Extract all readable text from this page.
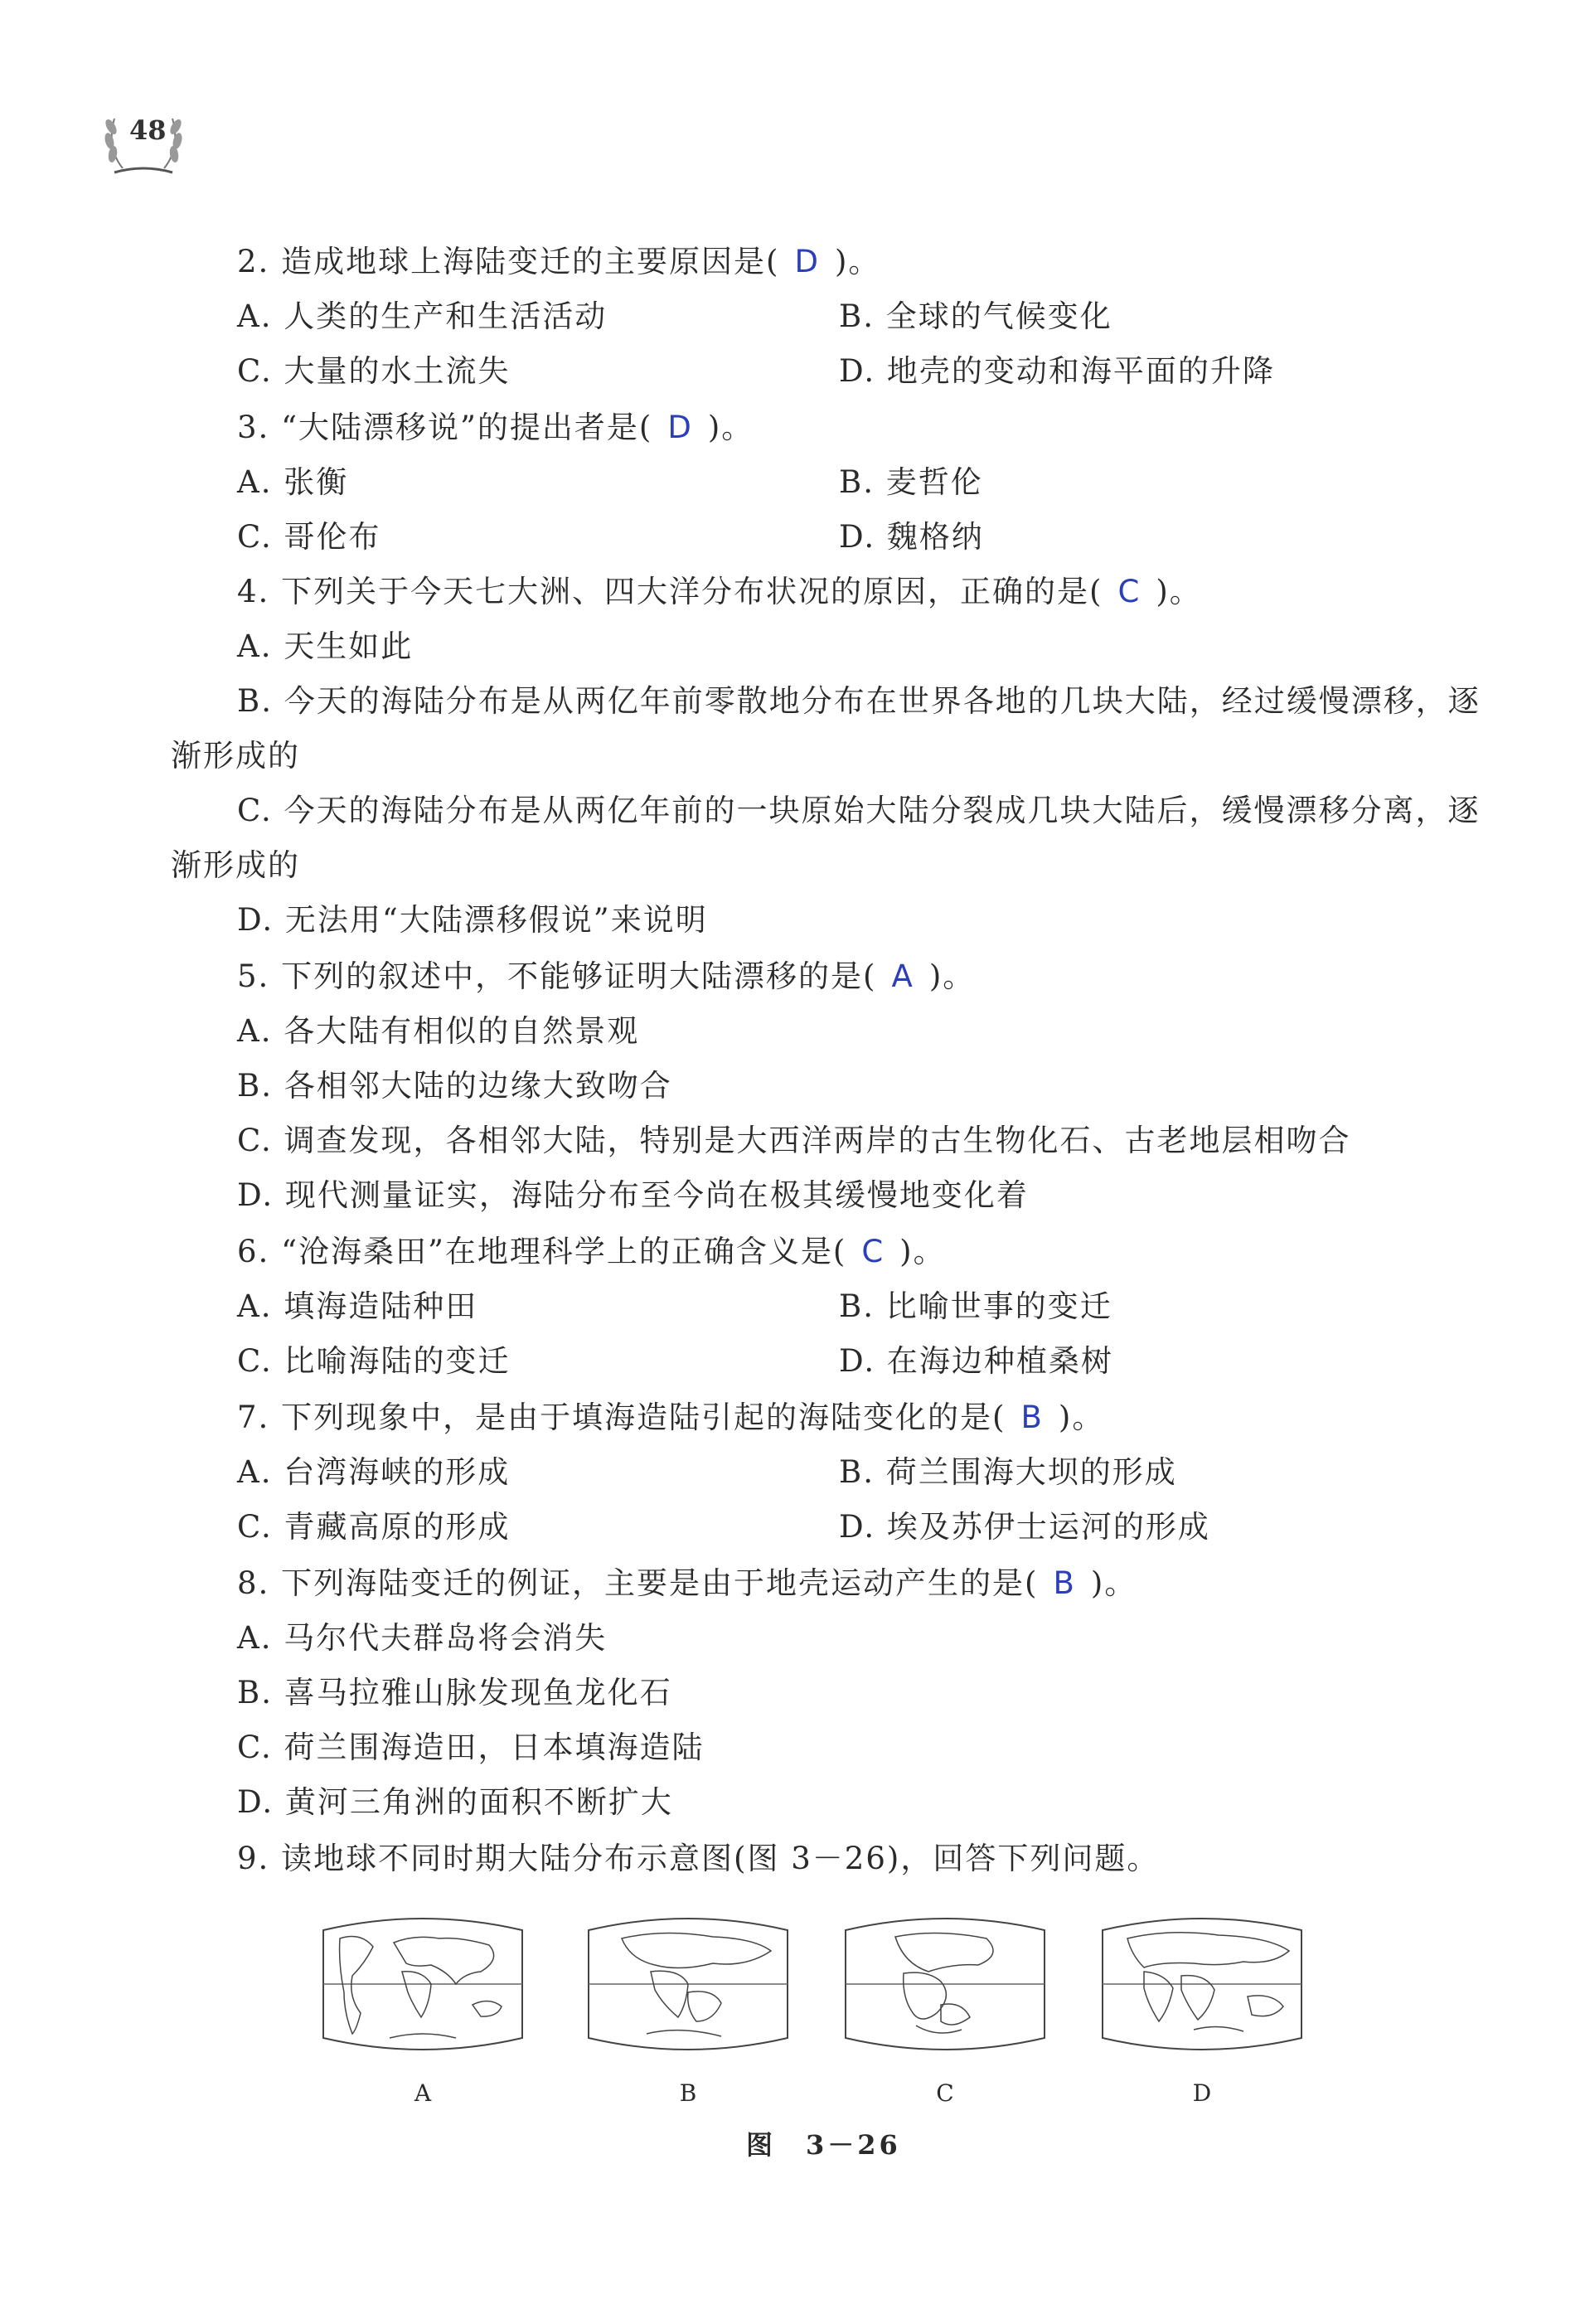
48
2. 造成地球上海陆变迁的主要原因是( D )。
A. 人类的生产和生活活动	B. 全球的气候变化
C. 大量的水土流失	D. 地壳的变动和海平面的升降
3. “大陆漂移说”的提出者是( D )。
A. 张衡	B. 麦哲伦
C. 哥伦布	D. 魏格纳
4. 下列关于今天七大洲、四大洋分布状况的原因，正确的是( C )。
A. 天生如此
B. 今天的海陆分布是从两亿年前零散地分布在世界各地的几块大陆，经过缓慢漂移，逐
渐形成的
C. 今天的海陆分布是从两亿年前的一块原始大陆分裂成几块大陆后，缓慢漂移分离，逐
渐形成的
D. 无法用“大陆漂移假说”来说明
5. 下列的叙述中，不能够证明大陆漂移的是( A )。
A. 各大陆有相似的自然景观
B. 各相邻大陆的边缘大致吻合
C. 调查发现，各相邻大陆，特别是大西洋两岸的古生物化石、古老地层相吻合
D. 现代测量证实，海陆分布至今尚在极其缓慢地变化着
6. “沧海桑田”在地理科学上的正确含义是( C )。
A. 填海造陆种田	B. 比喻世事的变迁
C. 比喻海陆的变迁	D. 在海边种植桑树
7. 下列现象中，是由于填海造陆引起的海陆变化的是( B )。
A. 台湾海峡的形成	B. 荷兰围海大坝的形成
C. 青藏高原的形成	D. 埃及苏伊士运河的形成
8. 下列海陆变迁的例证，主要是由于地壳运动产生的是( B )。
A. 马尔代夫群岛将会消失
B. 喜马拉雅山脉发现鱼龙化石
C. 荷兰围海造田，日本填海造陆
D. 黄河三角洲的面积不断扩大
9. 读地球不同时期大陆分布示意图(图 3－26)，回答下列问题。
A	B	C	D
图　3－26
